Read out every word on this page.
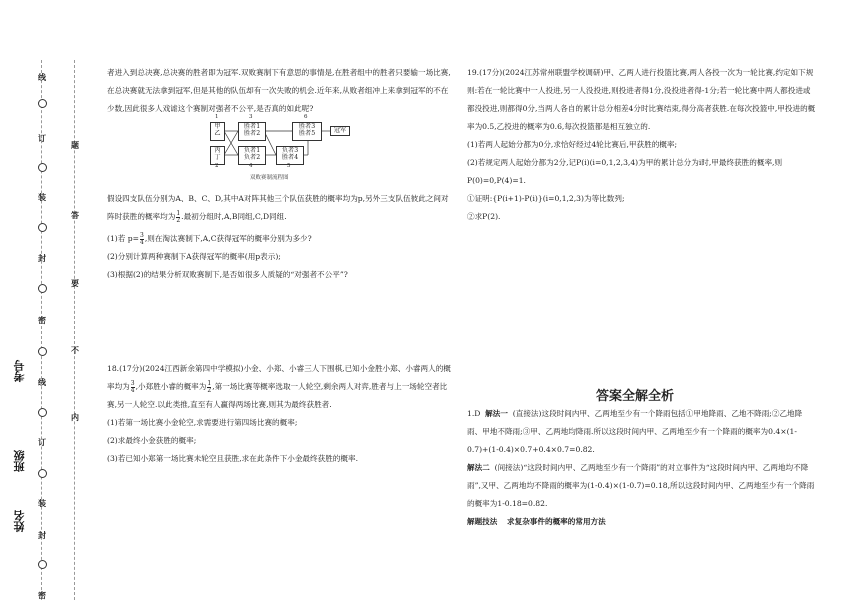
线
题
订
答
装
要
封
不
密
内
线
订
装
封
密
考号
班级
姓名

者进入到总决赛,总决赛的胜者即为冠军.双败赛制下有意思的事情是,在胜者组中的胜者只要输一场比赛,在总决赛就无法拿到冠军,但是其他的队伍却有一次失败的机会.近年来,从败者组冲上来拿到冠军的不在少数,因此很多人戏谑这个赛制对强者不公平,是否真的如此呢?

甲
乙
丙
丁
胜者1
胜者2
负者1
负者2
胜者3
胜者5
负者3
胜者4
冠军
1
2
3
4	5
6
双败赛制流程图

假设四支队伍分别为A、B、C、D,其中A对阵其他三个队伍获胜的概率均为p,另外三支队伍彼此之间对阵时获胜的概率均为 $\frac{1}{2}$ .最初分组时,A,B同组,C,D同组.

(1)若 $p= \frac{3}{4}$ ,则在淘汰赛制下,A,C获得冠军的概率分别为多少?

(2)分别计算两种赛制下A获得冠军的概率(用p表示);

(3)根据(2)的结果分析双败赛制下,是否如很多人质疑的“对强者不公平”?

18.(17分)(2024江西新余第四中学模拟)小金、小郑、小睿三人下围棋,已知小金胜小郑、小睿两人的概率均为 $\frac{3}{4}$ ,小郑胜小睿的概率为 $\frac{1}{2}$ ,第一场比赛等概率选取一人轮空,剩余两人对弈,胜者与上一场轮空者比赛,另一人轮空.以此类推,直至有人赢得两场比赛,则其为最终获胜者.

(1)若第一场比赛小金轮空,求需要进行第四场比赛的概率;

(2)求最终小金获胜的概率;

(3)若已知小郑第一场比赛未轮空且获胜,求在此条件下小金最终获胜的概率.

19.(17分)(2024江苏常州联盟学校调研)甲、乙两人进行投篮比赛,两人各投一次为一轮比赛,约定如下规则:若在一轮比赛中一人投进,另一人没投进,则投进者得1分,没投进者得-1分;若一轮比赛中两人都投进或都没投进,则都得0分,当两人各自的累计总分相差4分时比赛结束,得分高者获胜.在每次投篮中,甲投进的概率为0.5,乙投进的概率为0.6,每次投篮都是相互独立的.

(1)若两人起始分都为0分,求恰好经过4轮比赛后,甲获胜的概率;

(2)若规定两人起始分都为2分,记P(i)(i=0,1,2,3,4)为甲的累计总分为i时,甲最终获胜的概率,则P(0)=0,P(4)=1.

①证明:{P(i+1)-P(i)}(i=0,1,2,3)为等比数列;

②求P(2).

答案全解全析

1.D 解法一 (直接法)这段时间内甲、乙两地至少有一个降雨包括①甲地降雨、乙地不降雨;②乙地降雨、甲地不降雨;③甲、乙两地均降雨.所以这段时间内甲、乙两地至少有一个降雨的概率为0.4×(1-0.7)+(1-0.4)×0.7+0.4×0.7=0.82.

解法二 (间接法)“这段时间内甲、乙两地至少有一个降雨”的对立事件为“这段时间内甲、乙两地均不降雨”,又甲、乙两地均不降雨的概率为(1-0.4)×(1-0.7)=0.18,所以这段时间内甲、乙两地至少有一个降雨的概率为1-0.18=0.82.

解题技法 求复杂事件的概率的常用方法
